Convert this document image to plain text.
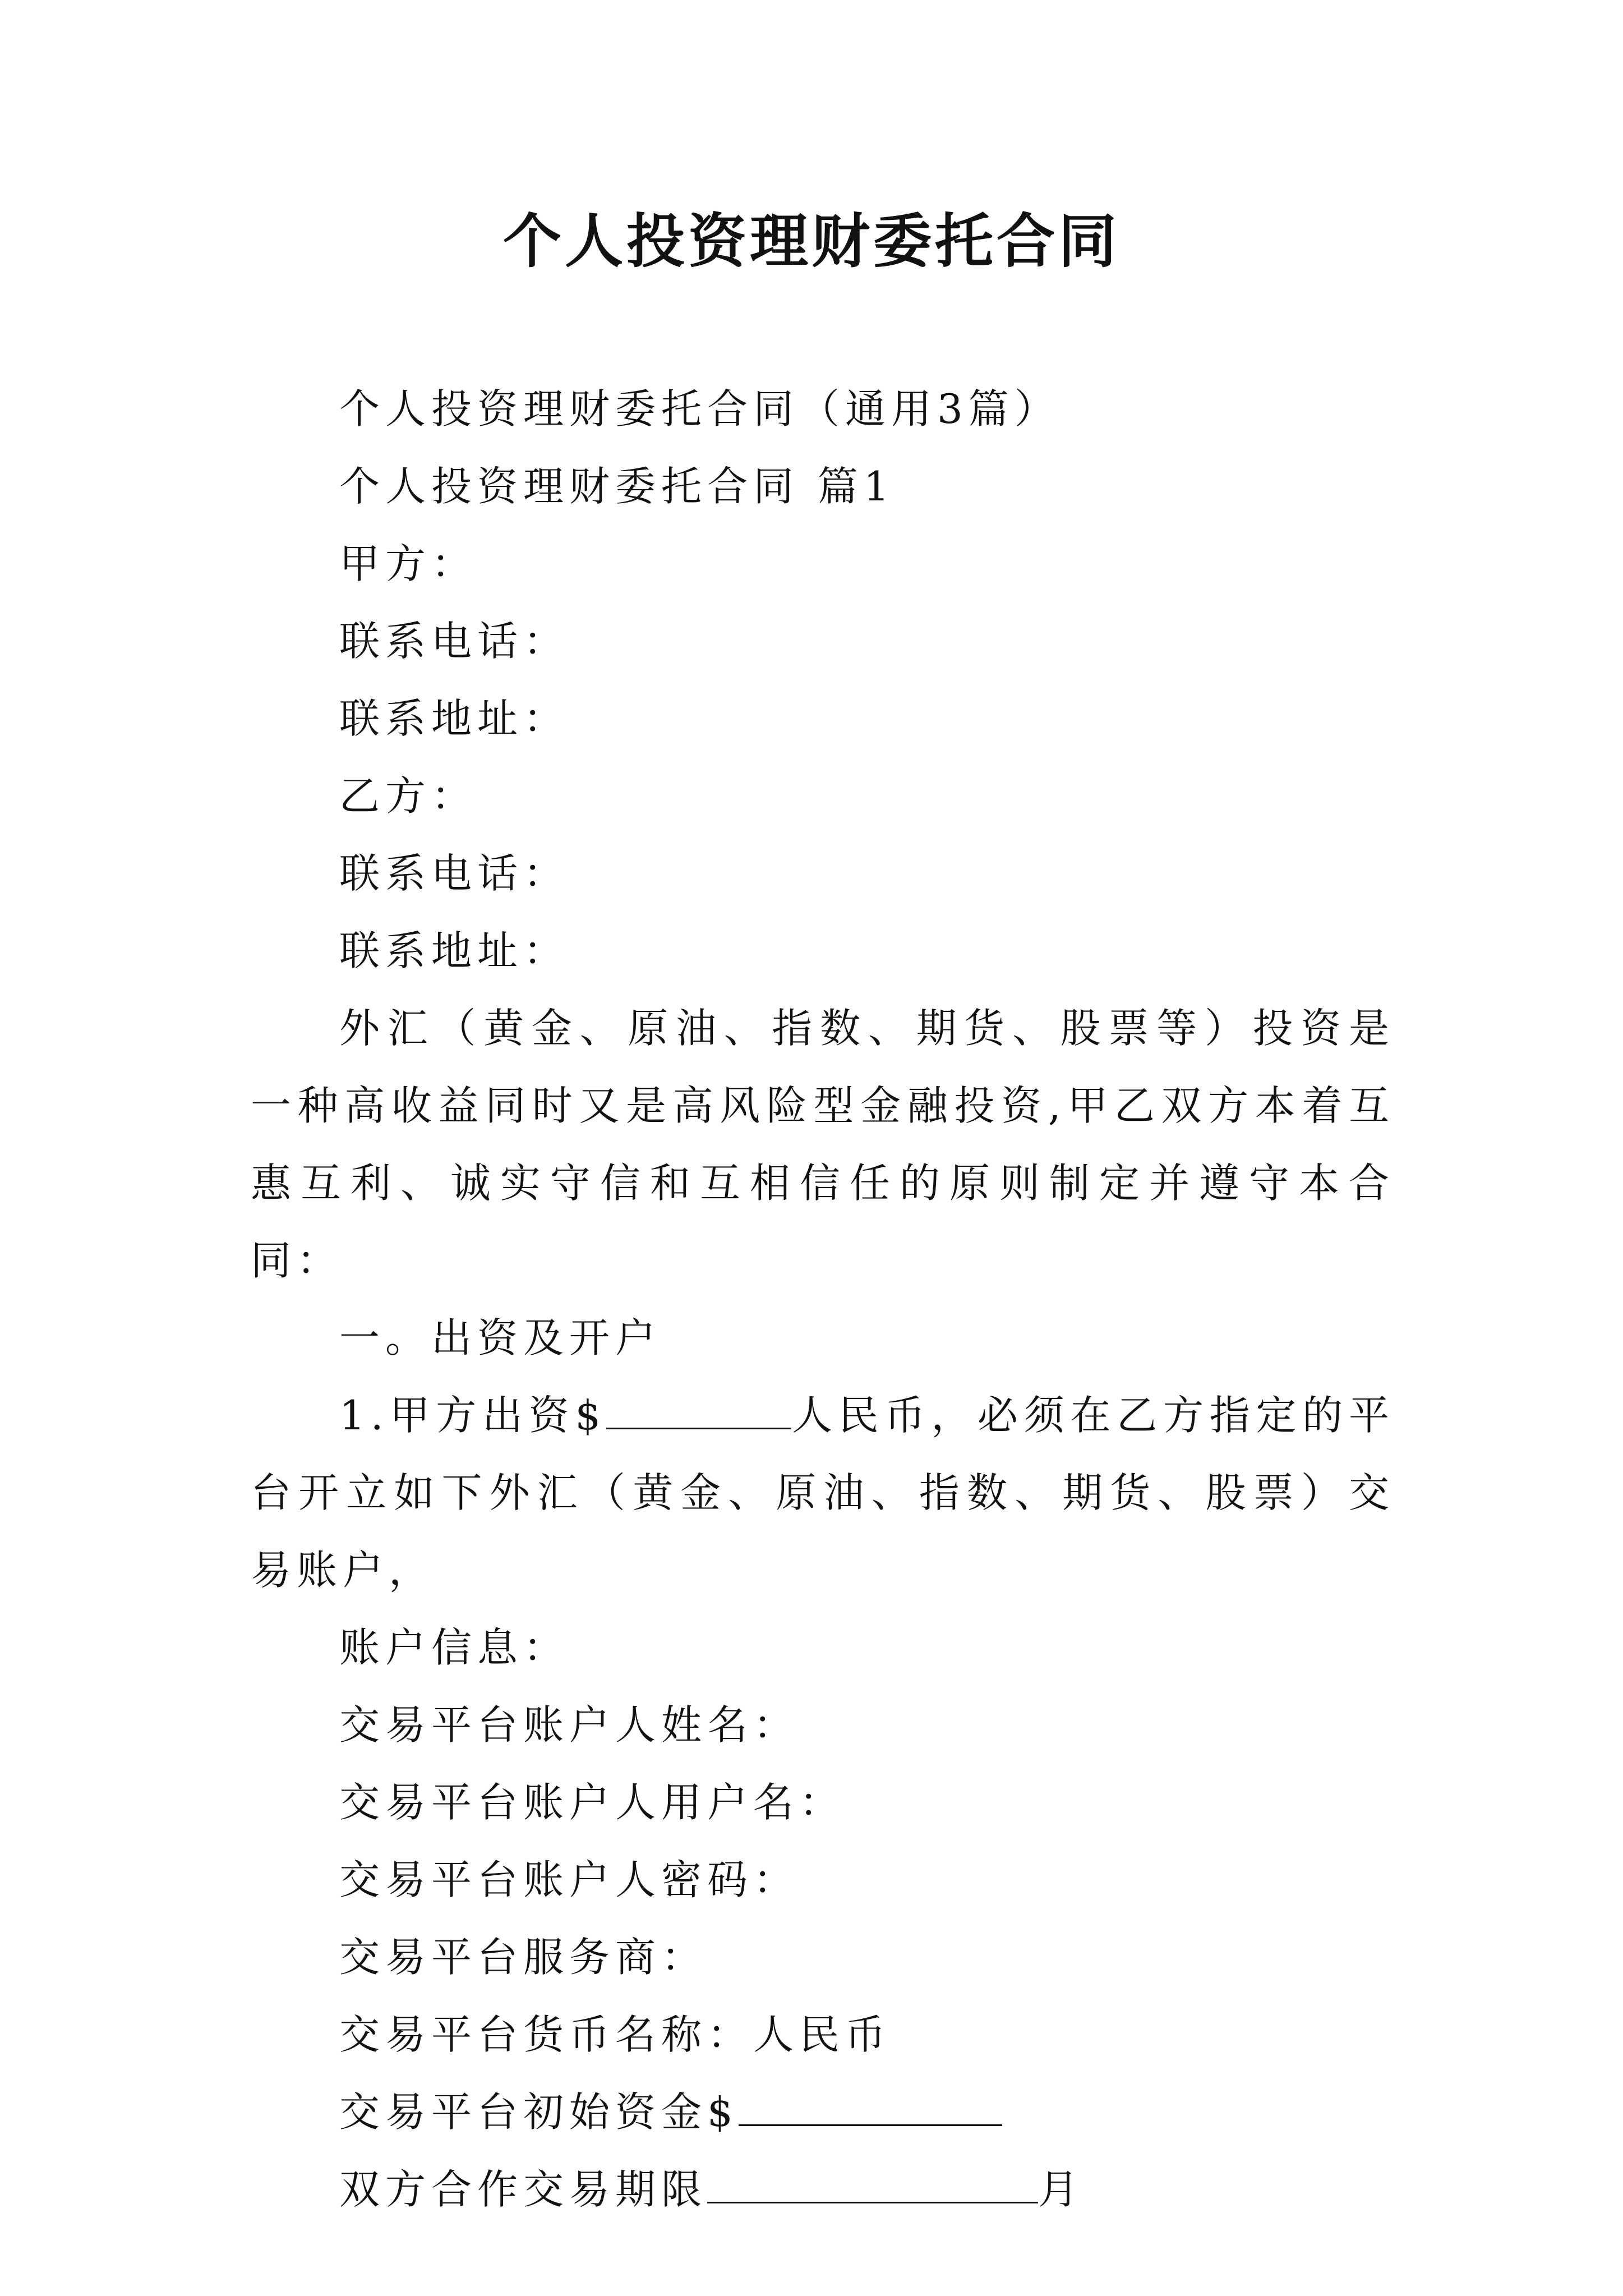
个人投资理财委托合同
个人投资理财委托合同（通用3篇）
个人投资理财委托合同 篇1
甲方：
联系电话：
联系地址：
乙方：
联系电话：
联系地址：
外汇（黄金、原油、指数、期货、股票等）投资是一种高收益同时又是高风险型金融投资,甲乙双方本着互惠互利、诚实守信和互相信任的原则制定并遵守本合同：
一。出资及开户
1.甲方出资$	人民币，必须在乙方指定的平台开立如下外汇（黄金、原油、指数、期货、股票）交易账户，
账户信息：
交易平台账户人姓名：
交易平台账户人用户名：
交易平台账户人密码：
交易平台服务商：
交易平台货币名称：人民币
交易平台初始资金$
双方合作交易期限	月
